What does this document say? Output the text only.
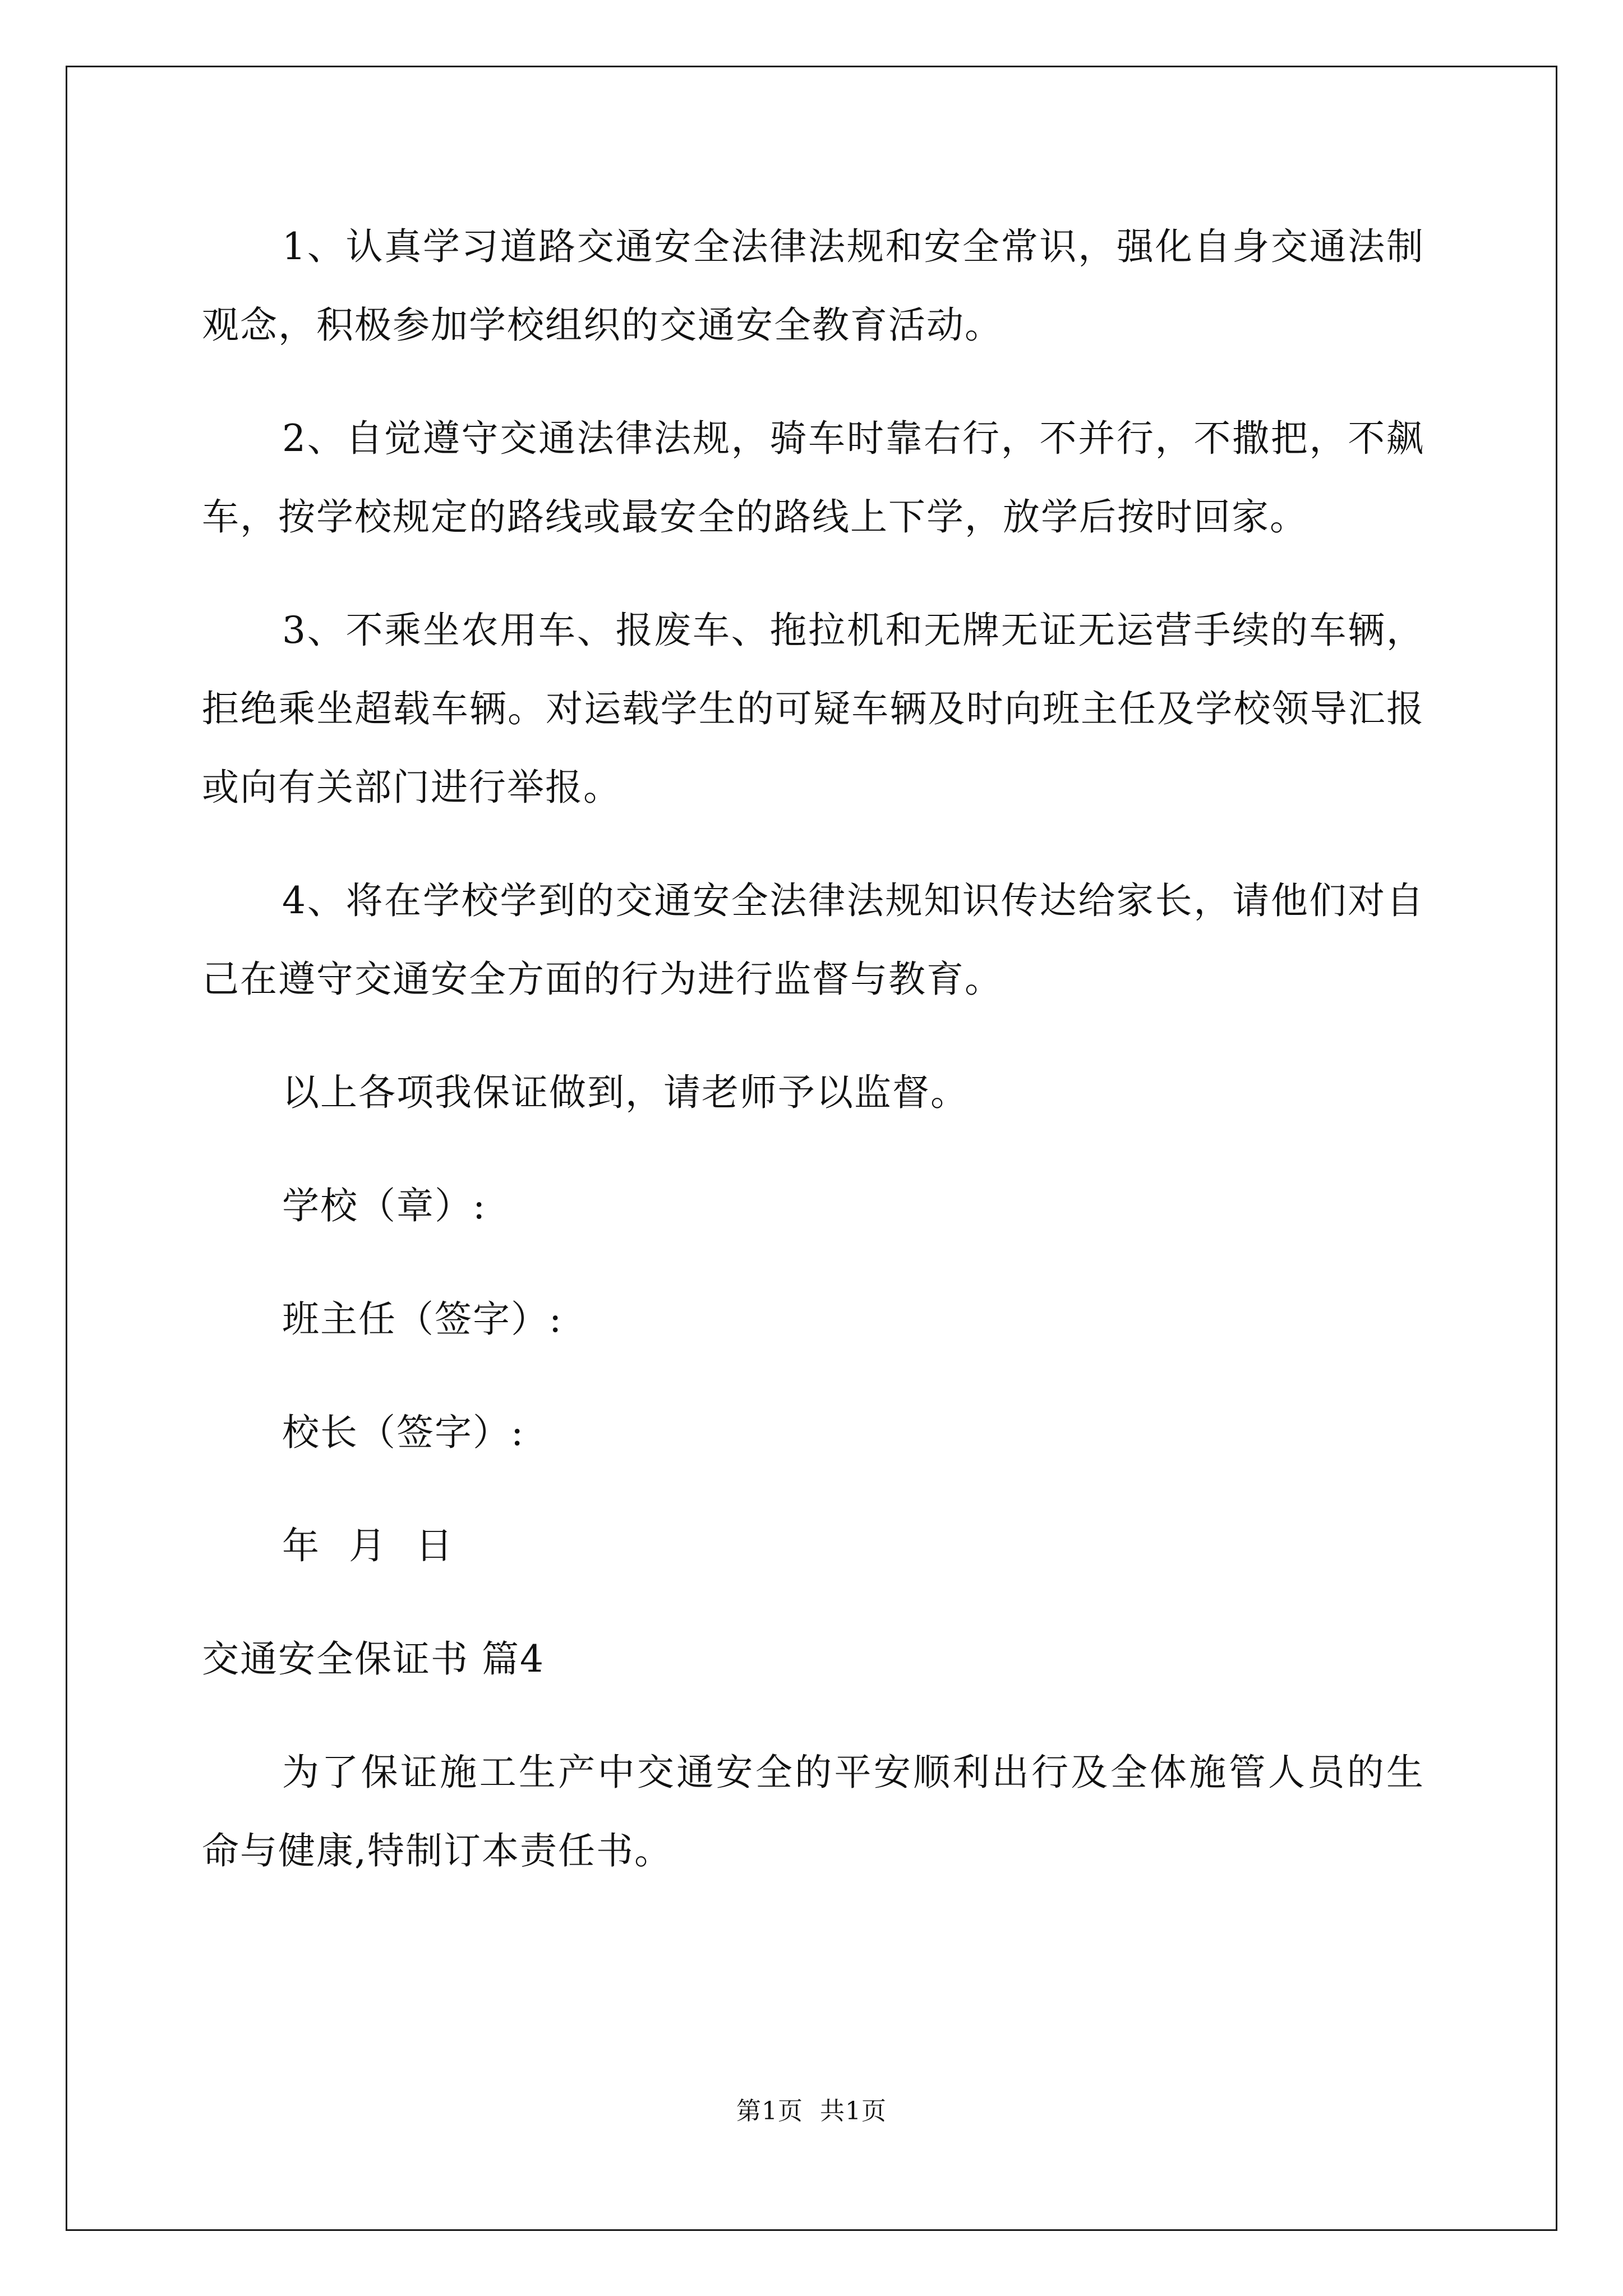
1、认真学习道路交通安全法律法规和安全常识，强化自身交通法制观念，积极参加学校组织的交通安全教育活动。

2、自觉遵守交通法律法规，骑车时靠右行，不并行，不撒把，不飙车，按学校规定的路线或最安全的路线上下学，放学后按时回家。

3、不乘坐农用车、报废车、拖拉机和无牌无证无运营手续的车辆，拒绝乘坐超载车辆。对运载学生的可疑车辆及时向班主任及学校领导汇报或向有关部门进行举报。

4、将在学校学到的交通安全法律法规知识传达给家长，请他们对自己在遵守交通安全方面的行为进行监督与教育。

以上各项我保证做到，请老师予以监督。

学校（章）:

班主任（签字）:

校长（签字）:

年 月 日

交通安全保证书 篇4

为了保证施工生产中交通安全的平安顺利出行及全体施管人员的生命与健康,特制订本责任书。

第1页  共1页
